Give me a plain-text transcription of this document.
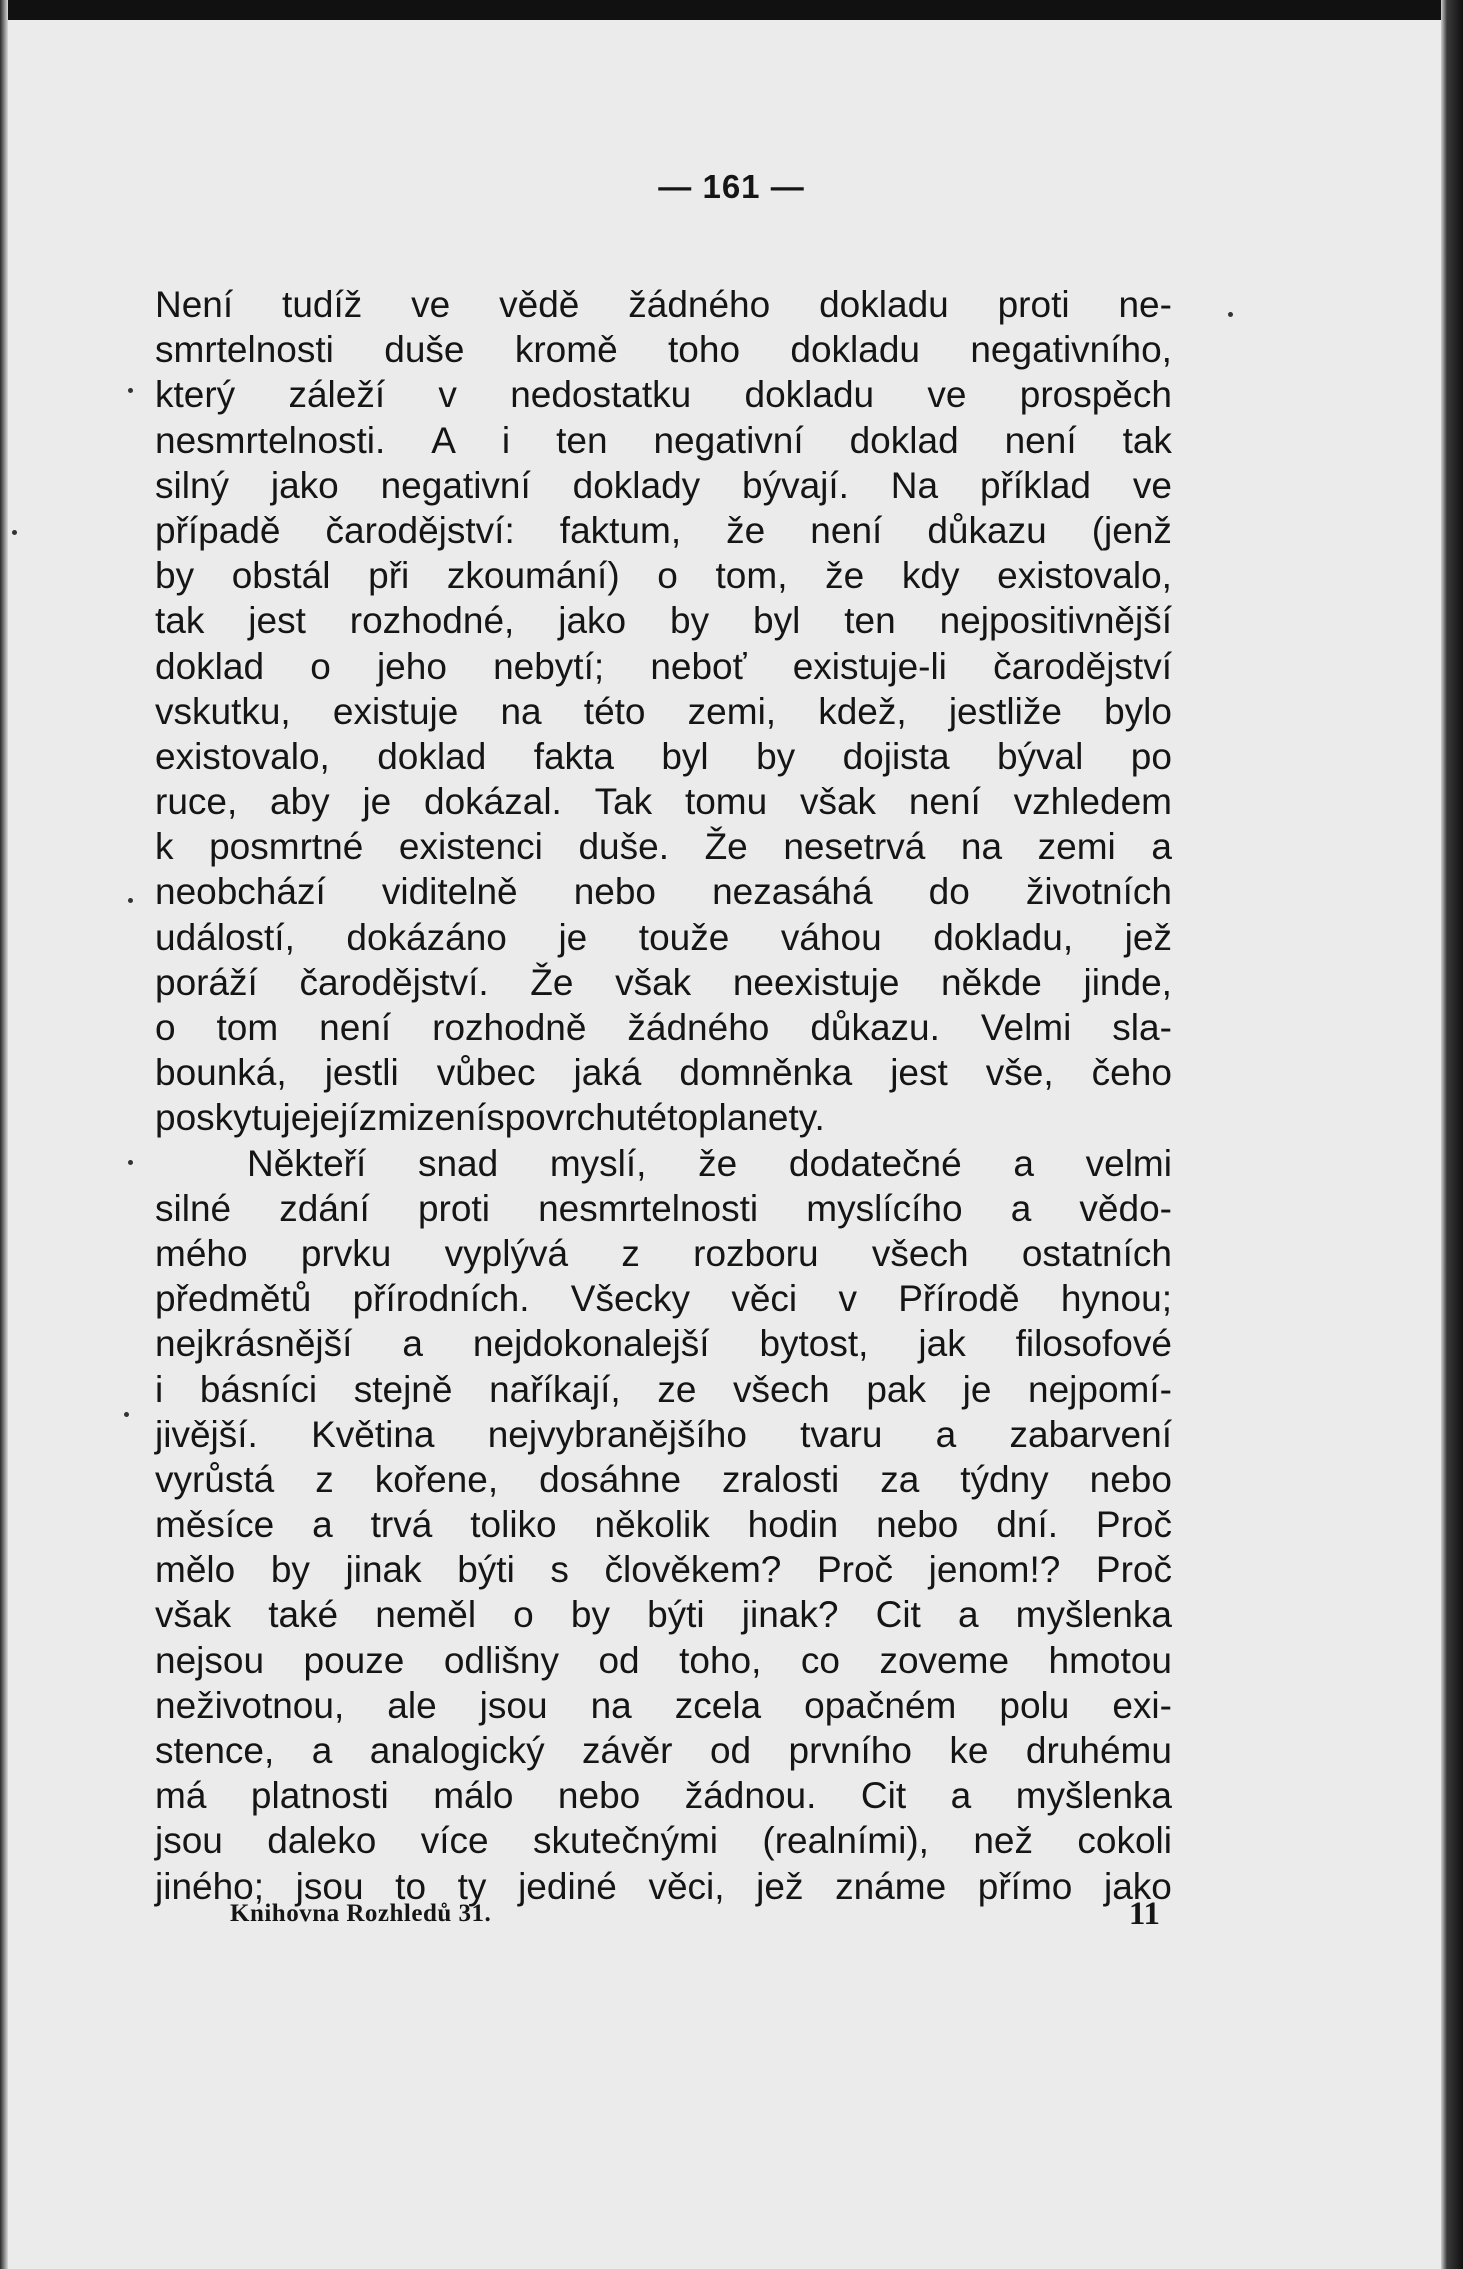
— 161 —
Není tudíž ve vědě žádného dokladu proti ne-
smrtelnosti duše kromě toho dokladu negativního,
který záleží v nedostatku dokladu ve prospěch
nesmrtelnosti. A i ten negativní doklad není tak
silný jako negativní doklady bývají. Na příklad ve
případě čarodějství: faktum, že není důkazu (jenž
by obstál při zkoumání) o tom, že kdy existovalo,
tak jest rozhodné, jako by byl ten nejpositivnější
doklad o jeho nebytí; neboť existuje-li čarodějství
vskutku, existuje na této zemi, kdež, jestliže bylo
existovalo, doklad fakta byl by dojista býval po
ruce, aby je dokázal. Tak tomu však není vzhledem
k posmrtné existenci duše. Že nesetrvá na zemi a
neobchází viditelně nebo nezasáhá do životních
událostí, dokázáno je touže váhou dokladu, jež
poráží čarodějství. Že však neexistuje někde jinde,
o tom není rozhodně žádného důkazu. Velmi sla-
bounká, jestli vůbec jaká domněnka jest vše, čeho
poskytuje její zmizení s povrchu této planety.
Někteří snad myslí, že dodatečné a velmi
silné zdání proti nesmrtelnosti myslícího a vědo-
mého prvku vyplývá z rozboru všech ostatních
předmětů přírodních. Všecky věci v Přírodě hynou;
nejkrásnější a nejdokonalejší bytost, jak filosofové
i básníci stejně naříkají, ze všech pak je nejpomí-
jivější. Květina nejvybranějšího tvaru a zabarvení
vyrůstá z kořene, dosáhne zralosti za týdny nebo
měsíce a trvá toliko několik hodin nebo dní. Proč
mělo by jinak býti s člověkem? Proč jenom!? Proč
však také neměl o by býti jinak? Cit a myšlenka
nejsou pouze odlišny od toho, co zoveme hmotou
neživotnou, ale jsou na zcela opačném polu exi-
stence, a analogický závěr od prvního ke druhému
má platnosti málo nebo žádnou. Cit a myšlenka
jsou daleko více skutečnými (realními), než cokoli
jiného; jsou to ty jediné věci, jež známe přímo jako
Knihovna Rozhledů 31.	11
